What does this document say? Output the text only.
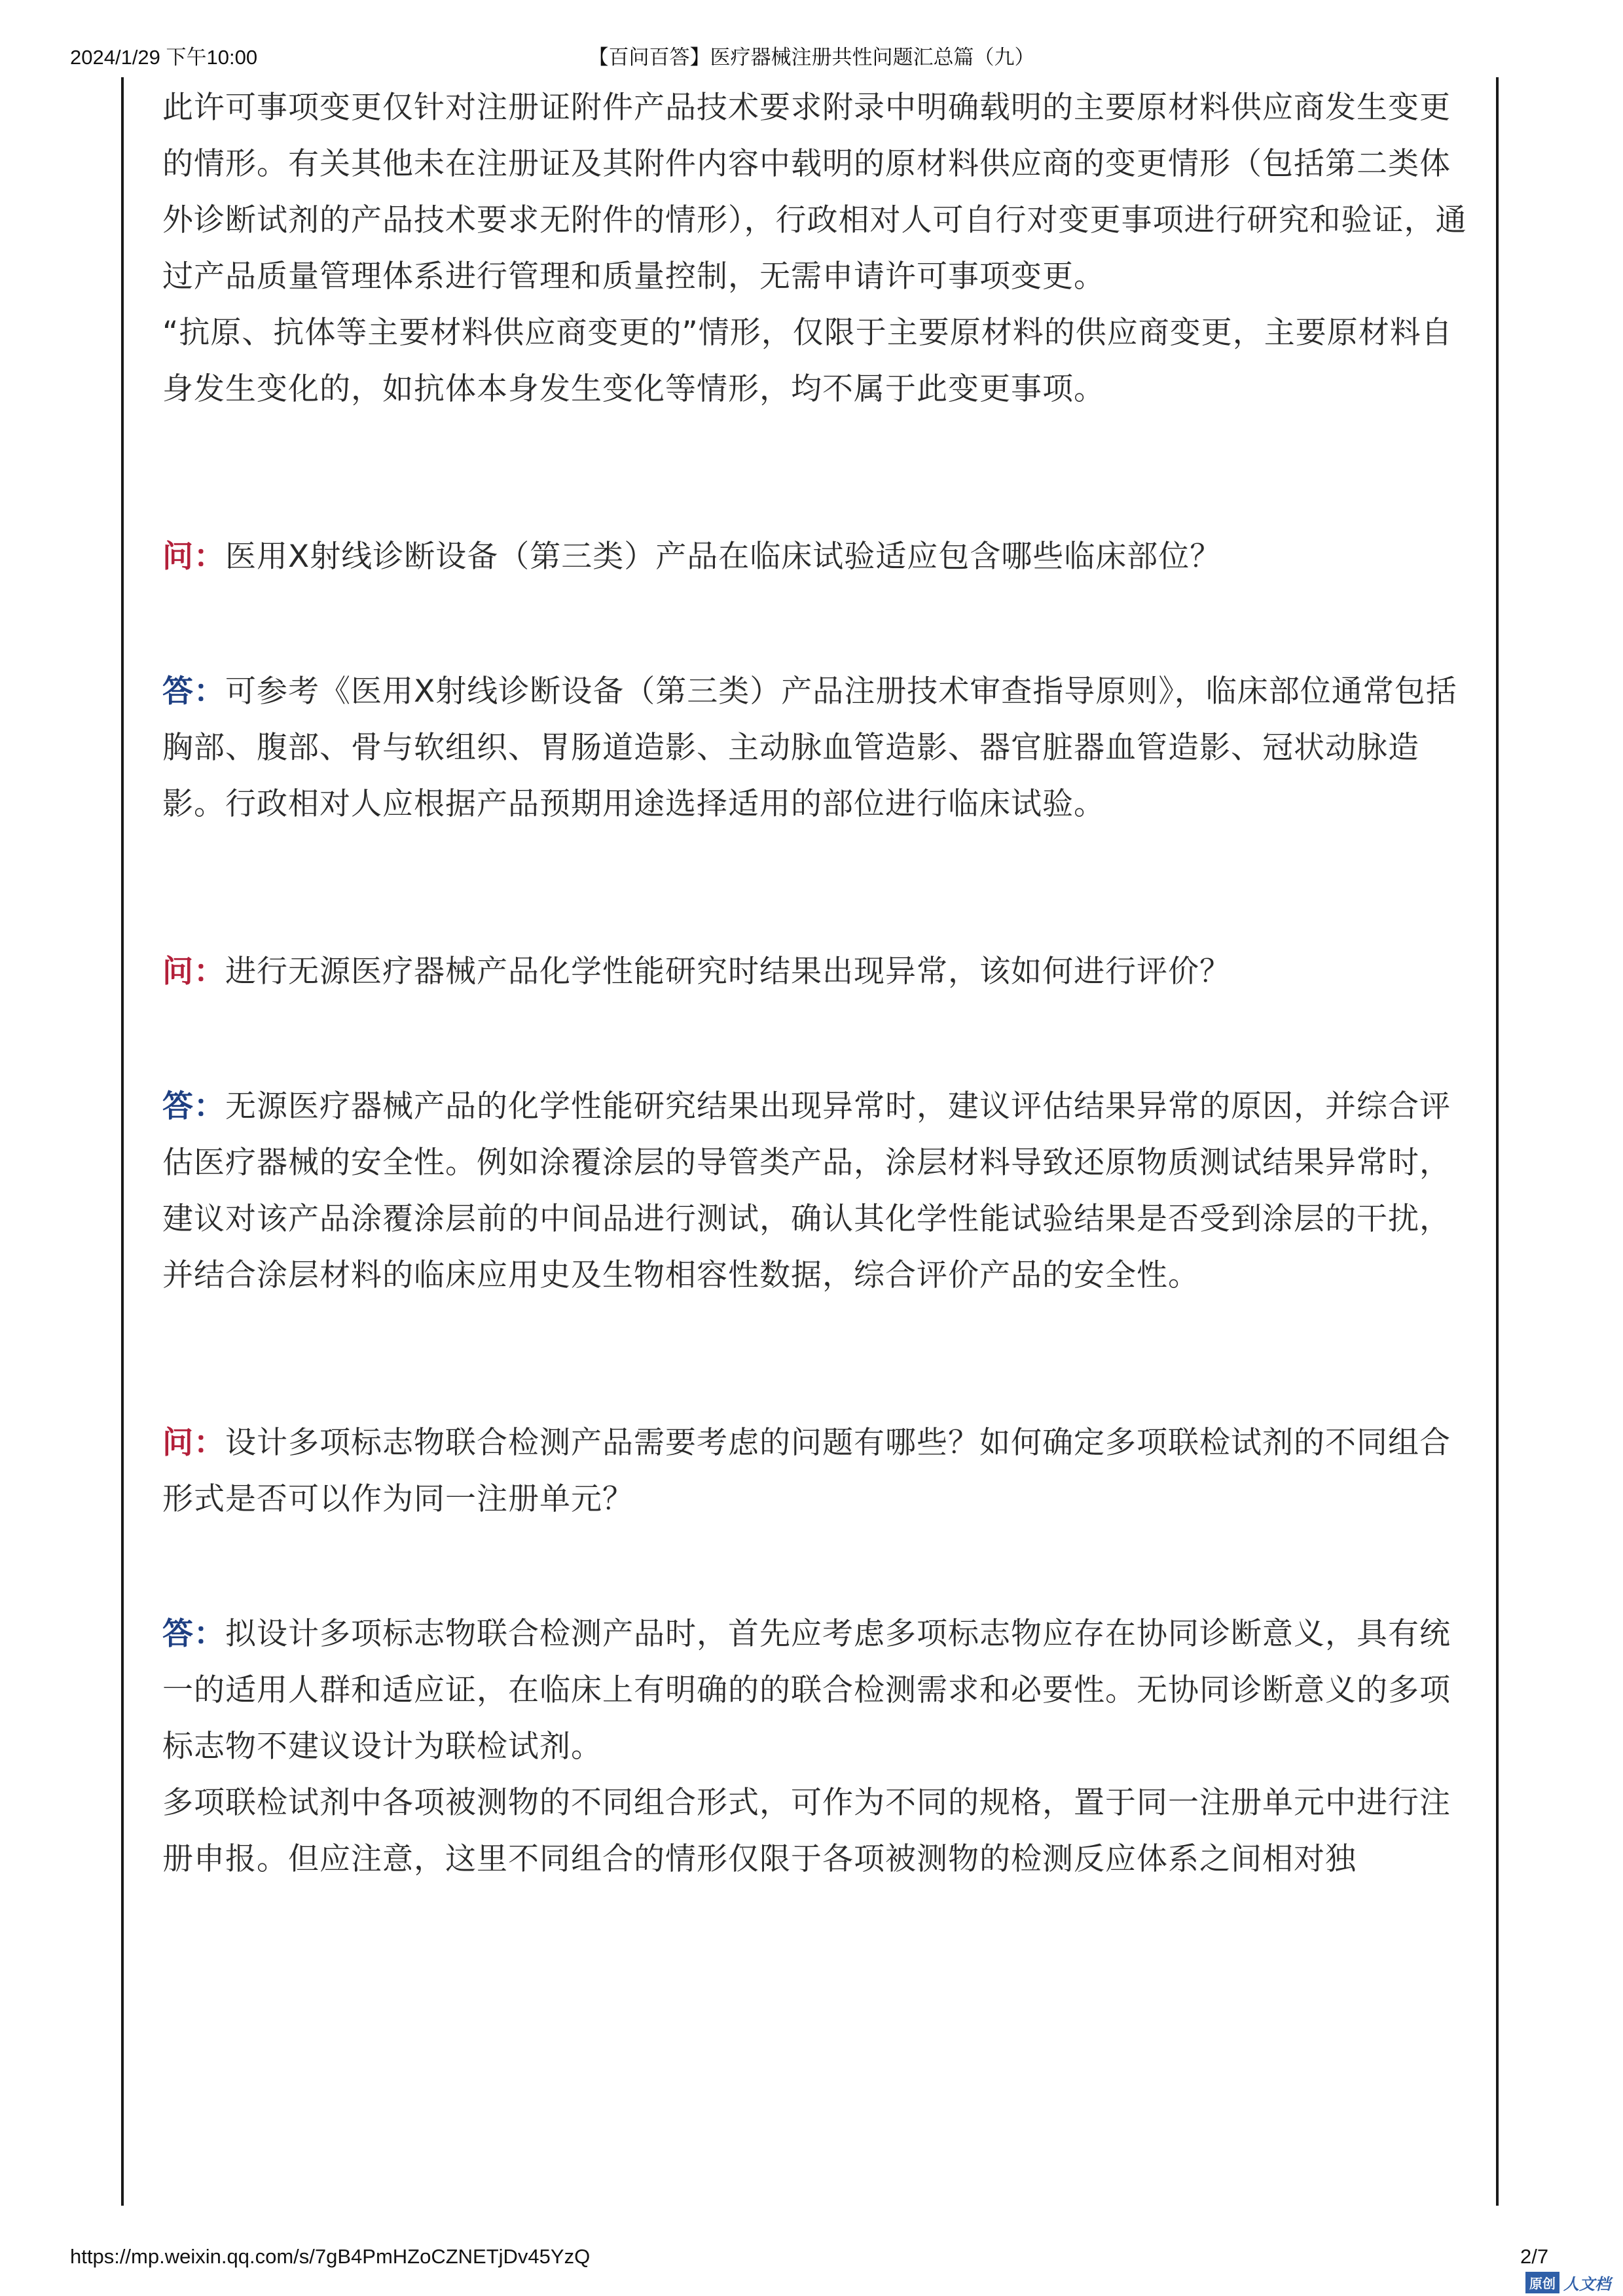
2024/1/29 下午10:00	【百问百答】医疗器械注册共性问题汇总篇（九）

此许可事项变更仅针对注册证附件产品技术要求附录中明确载明的主要原材料供应商发生变更的情形。有关其他未在注册证及其附件内容中载明的原材料供应商的变更情形（包括第二类体外诊断试剂的产品技术要求无附件的情形），行政相对人可自行对变更事项进行研究和验证，通过产品质量管理体系进行管理和质量控制，无需申请许可事项变更。

“抗原、抗体等主要材料供应商变更的”情形，仅限于主要原材料的供应商变更，主要原材料自身发生变化的，如抗体本身发生变化等情形，均不属于此变更事项。

问：医用X射线诊断设备（第三类）产品在临床试验适应包含哪些临床部位？

答：可参考《医用X射线诊断设备（第三类）产品注册技术审查指导原则》，临床部位通常包括胸部、腹部、骨与软组织、胃肠道造影、主动脉血管造影、器官脏器血管造影、冠状动脉造影。行政相对人应根据产品预期用途选择适用的部位进行临床试验。

问：进行无源医疗器械产品化学性能研究时结果出现异常，该如何进行评价？

答：无源医疗器械产品的化学性能研究结果出现异常时，建议评估结果异常的原因，并综合评估医疗器械的安全性。例如涂覆涂层的导管类产品，涂层材料导致还原物质测试结果异常时，建议对该产品涂覆涂层前的中间品进行测试，确认其化学性能试验结果是否受到涂层的干扰，并结合涂层材料的临床应用史及生物相容性数据，综合评价产品的安全性。

问：设计多项标志物联合检测产品需要考虑的问题有哪些？如何确定多项联检试剂的不同组合形式是否可以作为同一注册单元？

答：拟设计多项标志物联合检测产品时，首先应考虑多项标志物应存在协同诊断意义，具有统一的适用人群和适应证，在临床上有明确的的联合检测需求和必要性。无协同诊断意义的多项标志物不建议设计为联检试剂。

多项联检试剂中各项被测物的不同组合形式，可作为不同的规格，置于同一注册单元中进行注册申报。但应注意，这里不同组合的情形仅限于各项被测物的检测反应体系之间相对独

https://mp.weixin.qq.com/s/7gB4PmHZoCZNETjDv45YzQ	2/7
原创 人文档
